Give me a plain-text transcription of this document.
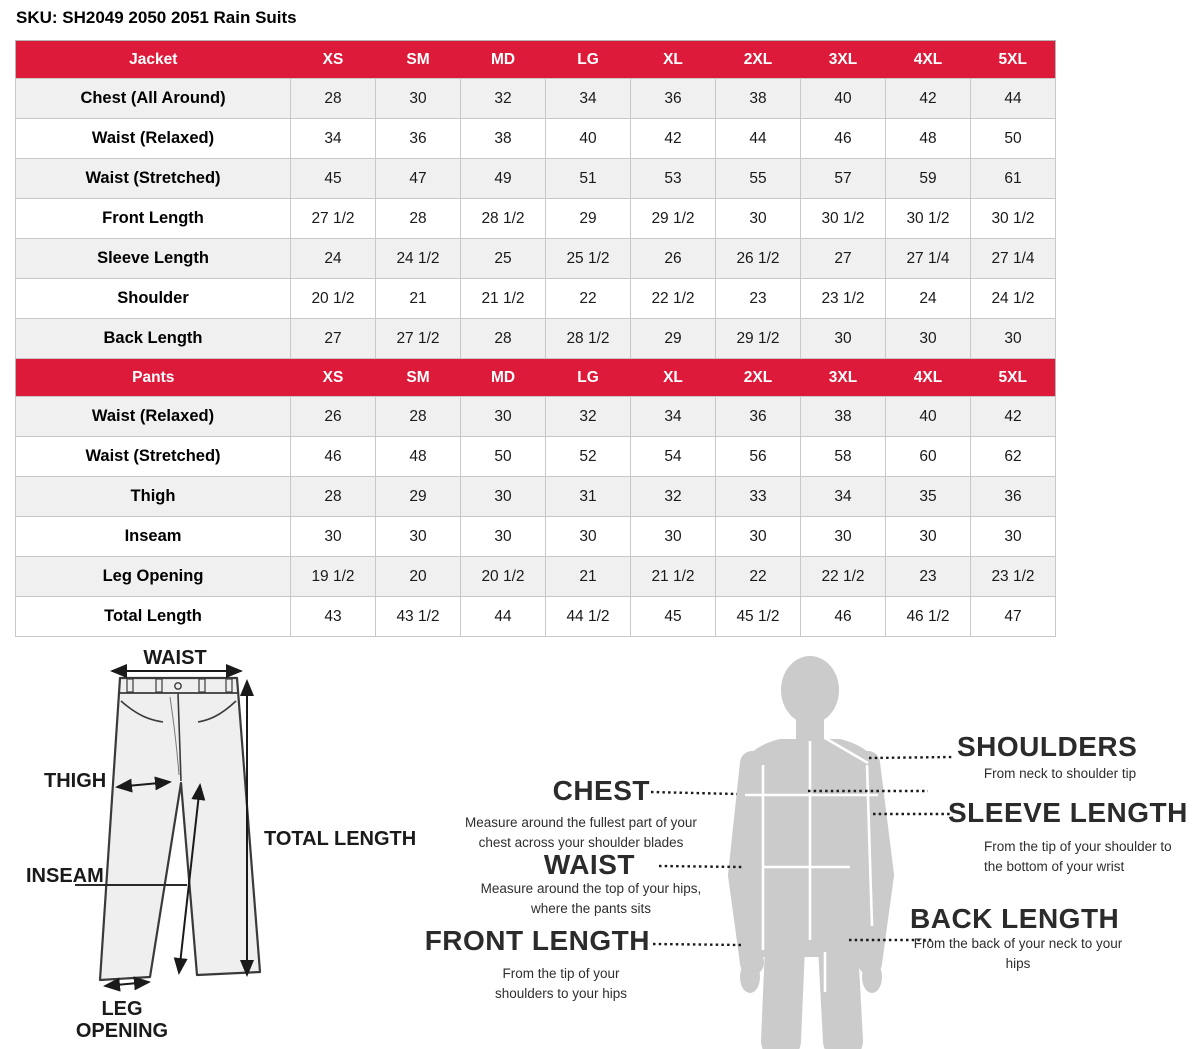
SKU: SH2049 2050 2051 Rain Suits
Jacket	XS	SM	MD	LG	XL	2XL	3XL	4XL	5XL
Chest (All Around)	28	30	32	34	36	38	40	42	44
Waist (Relaxed)	34	36	38	40	42	44	46	48	50
Waist (Stretched)	45	47	49	51	53	55	57	59	61
Front Length	27 1/2	28	28 1/2	29	29 1/2	30	30 1/2	30 1/2	30 1/2
Sleeve Length	24	24 1/2	25	25 1/2	26	26 1/2	27	27 1/4	27 1/4
Shoulder	20 1/2	21	21 1/2	22	22 1/2	23	23 1/2	24	24 1/2
Back Length	27	27 1/2	28	28 1/2	29	29 1/2	30	30	30
Pants	XS	SM	MD	LG	XL	2XL	3XL	4XL	5XL
Waist (Relaxed)	26	28	30	32	34	36	38	40	42
Waist (Stretched)	46	48	50	52	54	56	58	60	62
Thigh	28	29	30	31	32	33	34	35	36
Inseam	30	30	30	30	30	30	30	30	30
Leg Opening	19 1/2	20	20 1/2	21	21 1/2	22	22 1/2	23	23 1/2
Total Length	43	43 1/2	44	44 1/2	45	45 1/2	46	46 1/2	47
WAIST
THIGH
TOTAL LENGTH
INSEAM
LEG OPENING
CHEST
Measure around the fullest part of your chest across your shoulder blades
WAIST
Measure around the top of your hips, where the pants sits
FRONT LENGTH
From the tip of your shoulders to your hips
SHOULDERS
From neck to shoulder tip
SLEEVE LENGTH
From the tip of your shoulder to the bottom of your wrist
BACK LENGTH
From the back of your neck to your hips
